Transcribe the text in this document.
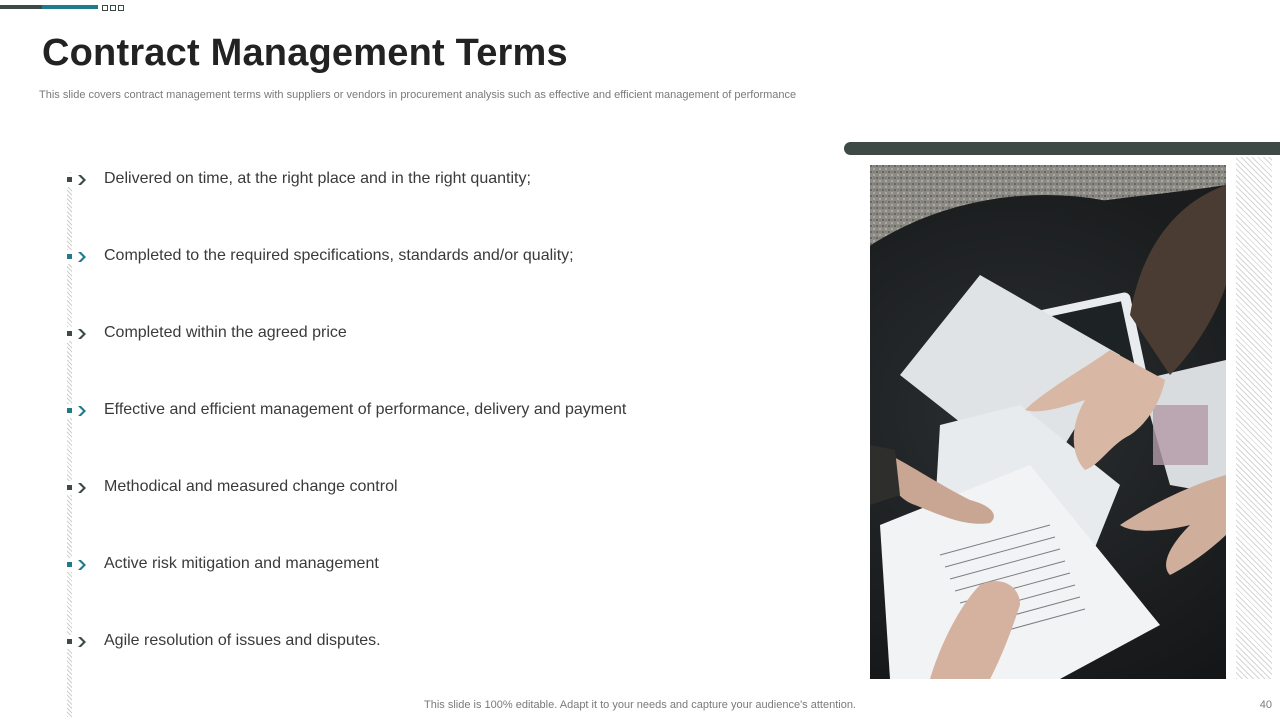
Contract Management Terms

This slide covers contract management terms with suppliers or vendors in procurement analysis such as effective and efficient management of performance

Delivered on time, at the right place and in the right quantity;
Completed to the required specifications, standards and/or quality;
Completed within the agreed price
Effective and efficient management of performance, delivery and payment
Methodical and measured change control
Active risk mitigation and management
Agile resolution of issues and disputes.

This slide is 100% editable. Adapt it to your needs and capture your audience's attention.	40
